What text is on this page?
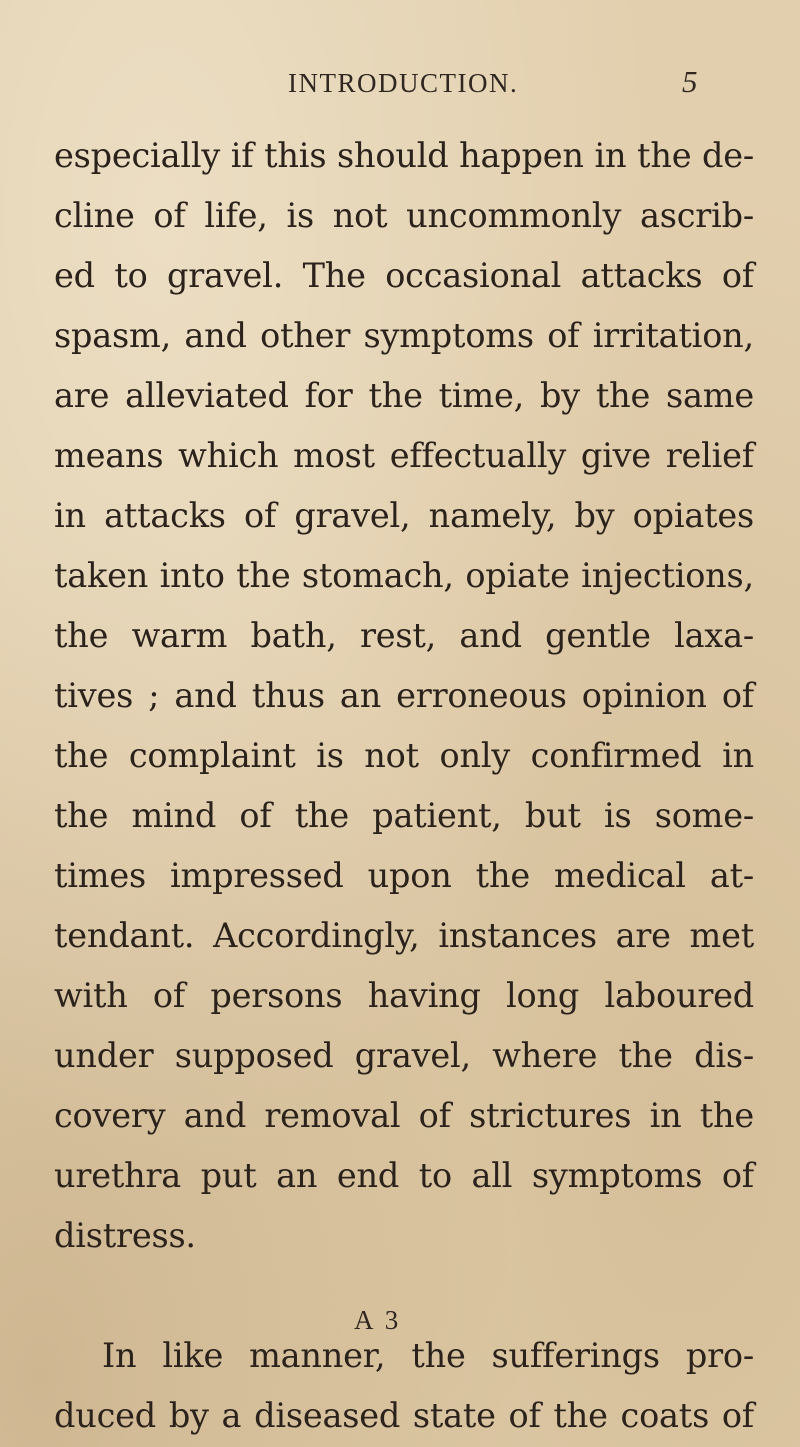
INTRODUCTION.	5
especially if this should happen in the de-
cline of life, is not uncommonly ascrib-
ed to gravel. The occasional attacks of
spasm, and other symptoms of irritation,
are alleviated for the time, by the same
means which most effectually give relief
in attacks of gravel, namely, by opiates
taken into the stomach, opiate injections,
the warm bath, rest, and gentle laxa-
tives ; and thus an erroneous opinion of
the complaint is not only confirmed in
the mind of the patient, but is some-
times impressed upon the medical at-
tendant. Accordingly, instances are met
with of persons having long laboured
under supposed gravel, where the dis-
covery and removal of strictures in the
urethra put an end to all symptoms of
distress.
In like manner, the sufferings pro-
duced by a diseased state of the coats of
A 3
